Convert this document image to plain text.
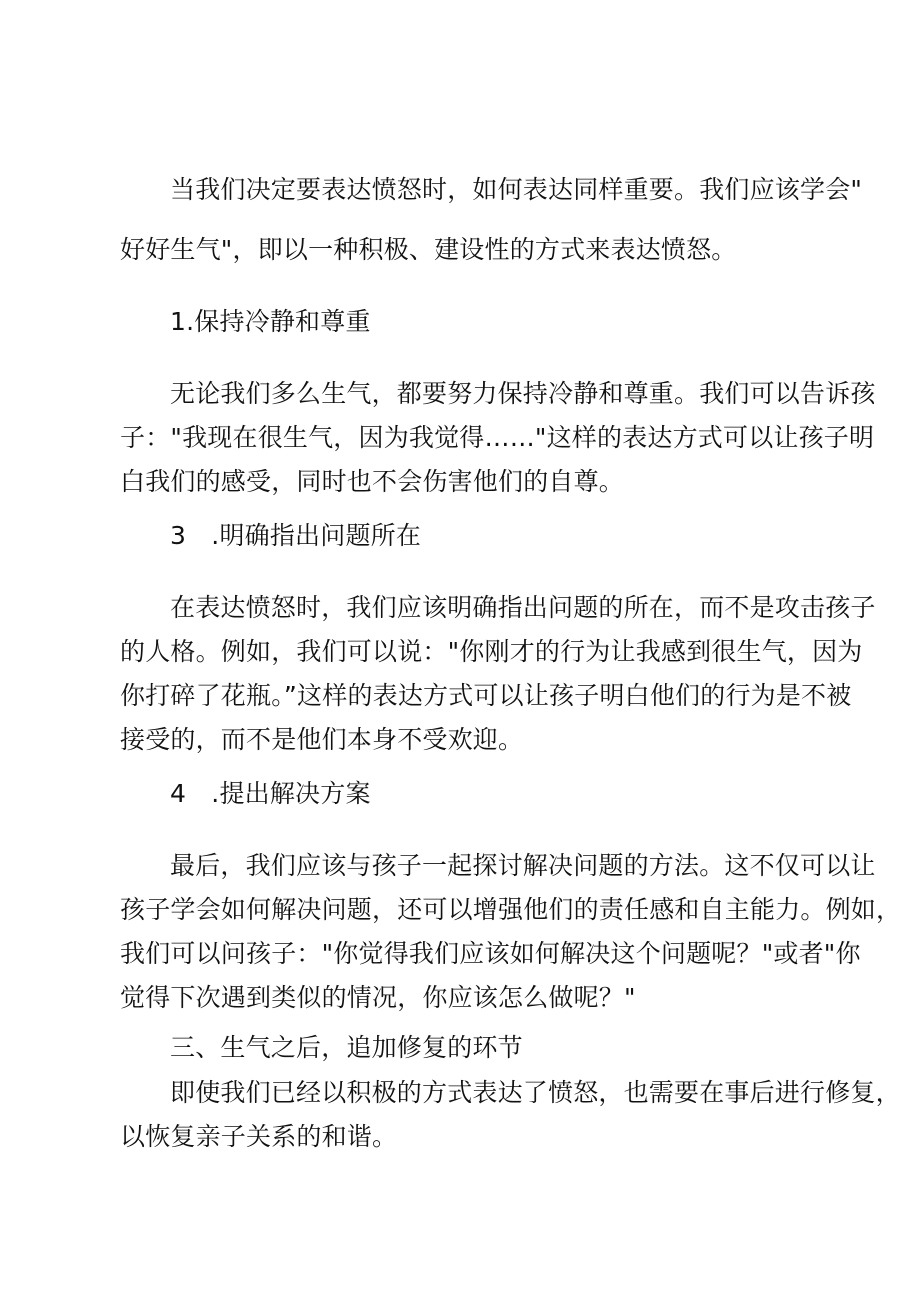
当我们决定要表达愤怒时，如何表达同样重要。我们应该学会"
好好生气"，即以一种积极、建设性的方式来表达愤怒。
1.保持冷静和尊重
无论我们多么生气，都要努力保持冷静和尊重。我们可以告诉孩
子："我现在很生气，因为我觉得……"这样的表达方式可以让孩子明
白我们的感受，同时也不会伤害他们的自尊。
3 .明确指出问题所在
在表达愤怒时，我们应该明确指出问题的所在，而不是攻击孩子
的人格。例如，我们可以说："你刚才的行为让我感到很生气，因为
你打碎了花瓶。”这样的表达方式可以让孩子明白他们的行为是不被
接受的，而不是他们本身不受欢迎。
4 .提出解决方案
最后，我们应该与孩子一起探讨解决问题的方法。这不仅可以让
孩子学会如何解决问题，还可以增强他们的责任感和自主能力。例如，
我们可以问孩子："你觉得我们应该如何解决这个问题呢？"或者"你
觉得下次遇到类似的情况，你应该怎么做呢？"
三、生气之后，追加修复的环节
即使我们已经以积极的方式表达了愤怒，也需要在事后进行修复，
以恢复亲子关系的和谐。
